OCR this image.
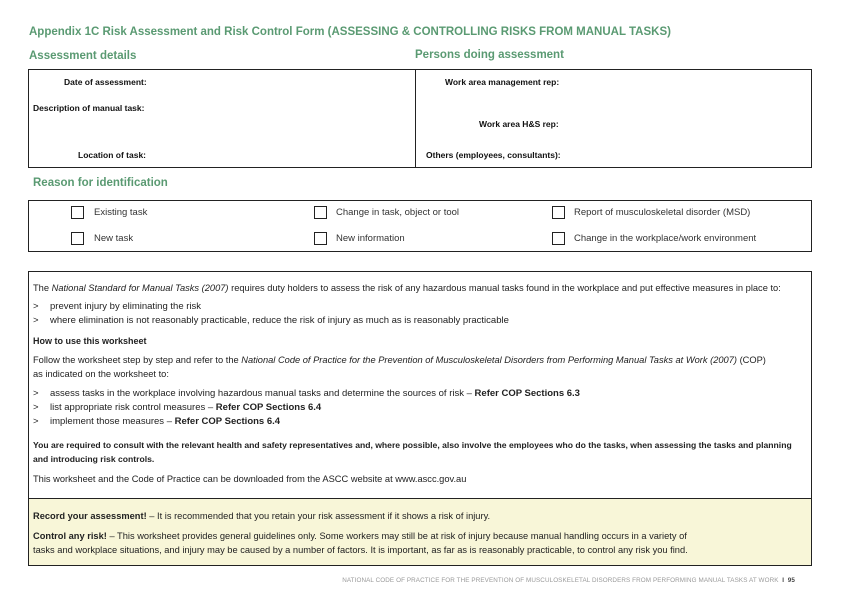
Appendix 1C Risk Assessment and Risk Control Form (ASSESSING & CONTROLLING RISKS FROM MANUAL TASKS)
Assessment details	Persons doing assessment
Date of assessment:
Description of manual task:
Location of task:
Work area management rep:
Work area H&S rep:
Others (employees, consultants):
Reason for identification
Existing task	Change in task, object or tool	Report of musculoskeletal disorder (MSD)
New task	New information	Change in the workplace/work environment
The National Standard for Manual Tasks (2007) requires duty holders to assess the risk of any hazardous manual tasks found in the workplace and put effective measures in place to:
> prevent injury by eliminating the risk
> where elimination is not reasonably practicable, reduce the risk of injury as much as is reasonably practicable
How to use this worksheet
Follow the worksheet step by step and refer to the National Code of Practice for the Prevention of Musculoskeletal Disorders from Performing Manual Tasks at Work (2007) (COP)
as indicated on the worksheet to:
> assess tasks in the workplace involving hazardous manual tasks and determine the sources of risk – Refer COP Sections 6.3
> list appropriate risk control measures – Refer COP Sections 6.4
> implement those measures – Refer COP Sections 6.4
You are required to consult with the relevant health and safety representatives and, where possible, also involve the employees who do the tasks, when assessing the tasks and planning
and introducing risk controls.
This worksheet and the Code of Practice can be downloaded from the ASCC website at www.ascc.gov.au
Record your assessment! – It is recommended that you retain your risk assessment if it shows a risk of injury.
Control any risk! – This worksheet provides general guidelines only. Some workers may still be at risk of injury because manual handling occurs in a variety of
tasks and workplace situations, and injury may be caused by a number of factors. It is important, as far as is reasonably practicable, to control any risk you find.
NATIONAL CODE OF PRACTICE FOR THE PREVENTION OF MUSCULOSKELETAL DISORDERS FROM PERFORMING MANUAL TASKS AT WORK I 95
